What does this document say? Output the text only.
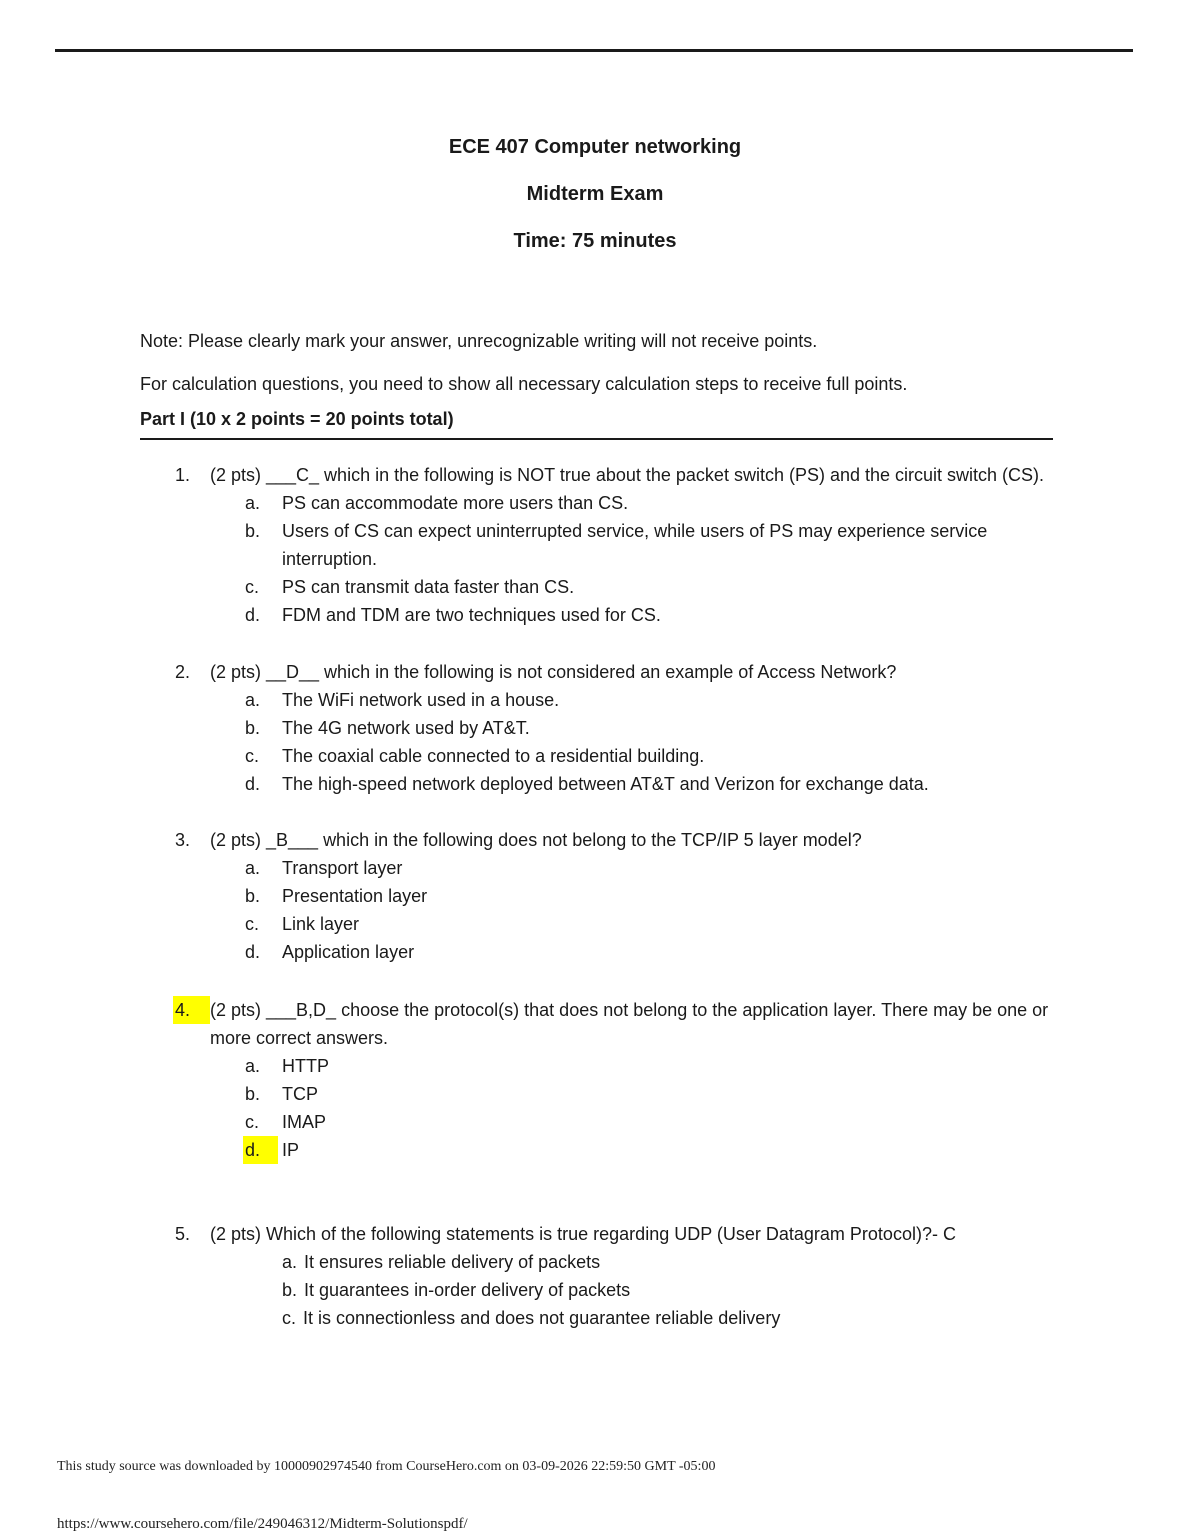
ECE 407 Computer networking
Midterm Exam
Time: 75 minutes
Note: Please clearly mark your answer, unrecognizable writing will not receive points.
For calculation questions, you need to show all necessary calculation steps to receive full points.
Part I (10 x 2 points = 20 points total)
1.	(2 pts) ___C_ which in the following is NOT true about the packet switch (PS) and the circuit switch (CS).
a.	PS can accommodate more users than CS.
b.	Users of CS can expect uninterrupted service, while users of PS may experience service interruption.
c.	PS can transmit data faster than CS.
d.	FDM and TDM are two techniques used for CS.
2.	(2 pts) __D__ which in the following is not considered an example of Access Network?
a.	The WiFi network used in a house.
b.	The 4G network used by AT&T.
c.	The coaxial cable connected to a residential building.
d.	The high-speed network deployed between AT&T and Verizon for exchange data.
3.	(2 pts) _B___ which in the following does not belong to the TCP/IP 5 layer model?
a.	Transport layer
b.	Presentation layer
c.	Link layer
d.	Application layer
4.	(2 pts) ___B,D_ choose the protocol(s) that does not belong to the application layer. There may be one or more correct answers.
a.	HTTP
b.	TCP
c.	IMAP
d.	IP
5.	(2 pts) Which of the following statements is true regarding UDP (User Datagram Protocol)?- C
a. It ensures reliable delivery of packets
b. It guarantees in-order delivery of packets
c. It is connectionless and does not guarantee reliable delivery
This study source was downloaded by 10000902974540 from CourseHero.com on 03-09-2026 22:59:50 GMT -05:00
https://www.coursehero.com/file/249046312/Midterm-Solutionspdf/
